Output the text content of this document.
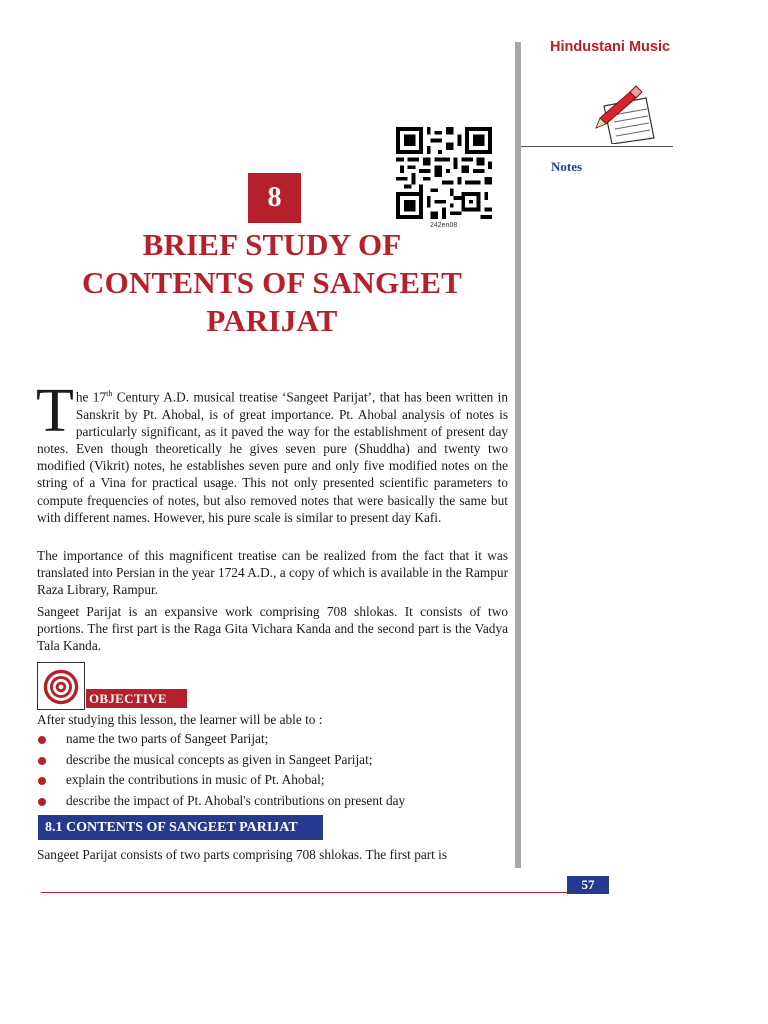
Hindustani Music
Notes
242en08
8
BRIEF STUDY OF
CONTENTS OF SANGEET
PARIJAT
The 17th Century A.D. musical treatise ‘Sangeet Parijat’, that has been written in Sanskrit by Pt. Ahobal, is of great importance. Pt. Ahobal analysis of notes is particularly significant, as it paved the way for the establishment of present day notes. Even though theoretically he gives seven pure (Shuddha) and twenty two modified (Vikrit) notes, he establishes seven pure and only five modified notes on the string of a Vina for practical usage. This not only presented scientific parameters to compute frequencies of notes, but also removed notes that were basically the same but with different names. However, his pure scale is similar to present day Kafi.
The importance of this magnificent treatise can be realized from the fact that it was translated into Persian in the year 1724 A.D., a copy of which is available in the Rampur Raza Library, Rampur.
Sangeet Parijat is an expansive work comprising 708 shlokas. It consists of two portions. The first part is the Raga Gita Vichara Kanda and the second part is the Vadya Tala Kanda.
OBJECTIVE
After studying this lesson, the learner will be able to :
name the two parts of Sangeet Parijat;
describe the musical concepts as given in Sangeet Parijat;
explain the contributions in music of Pt. Ahobal;
describe the impact of Pt. Ahobal's contributions on present day
8.1 CONTENTS OF SANGEET PARIJAT
Sangeet Parijat consists of two parts comprising 708 shlokas. The first part is
57
